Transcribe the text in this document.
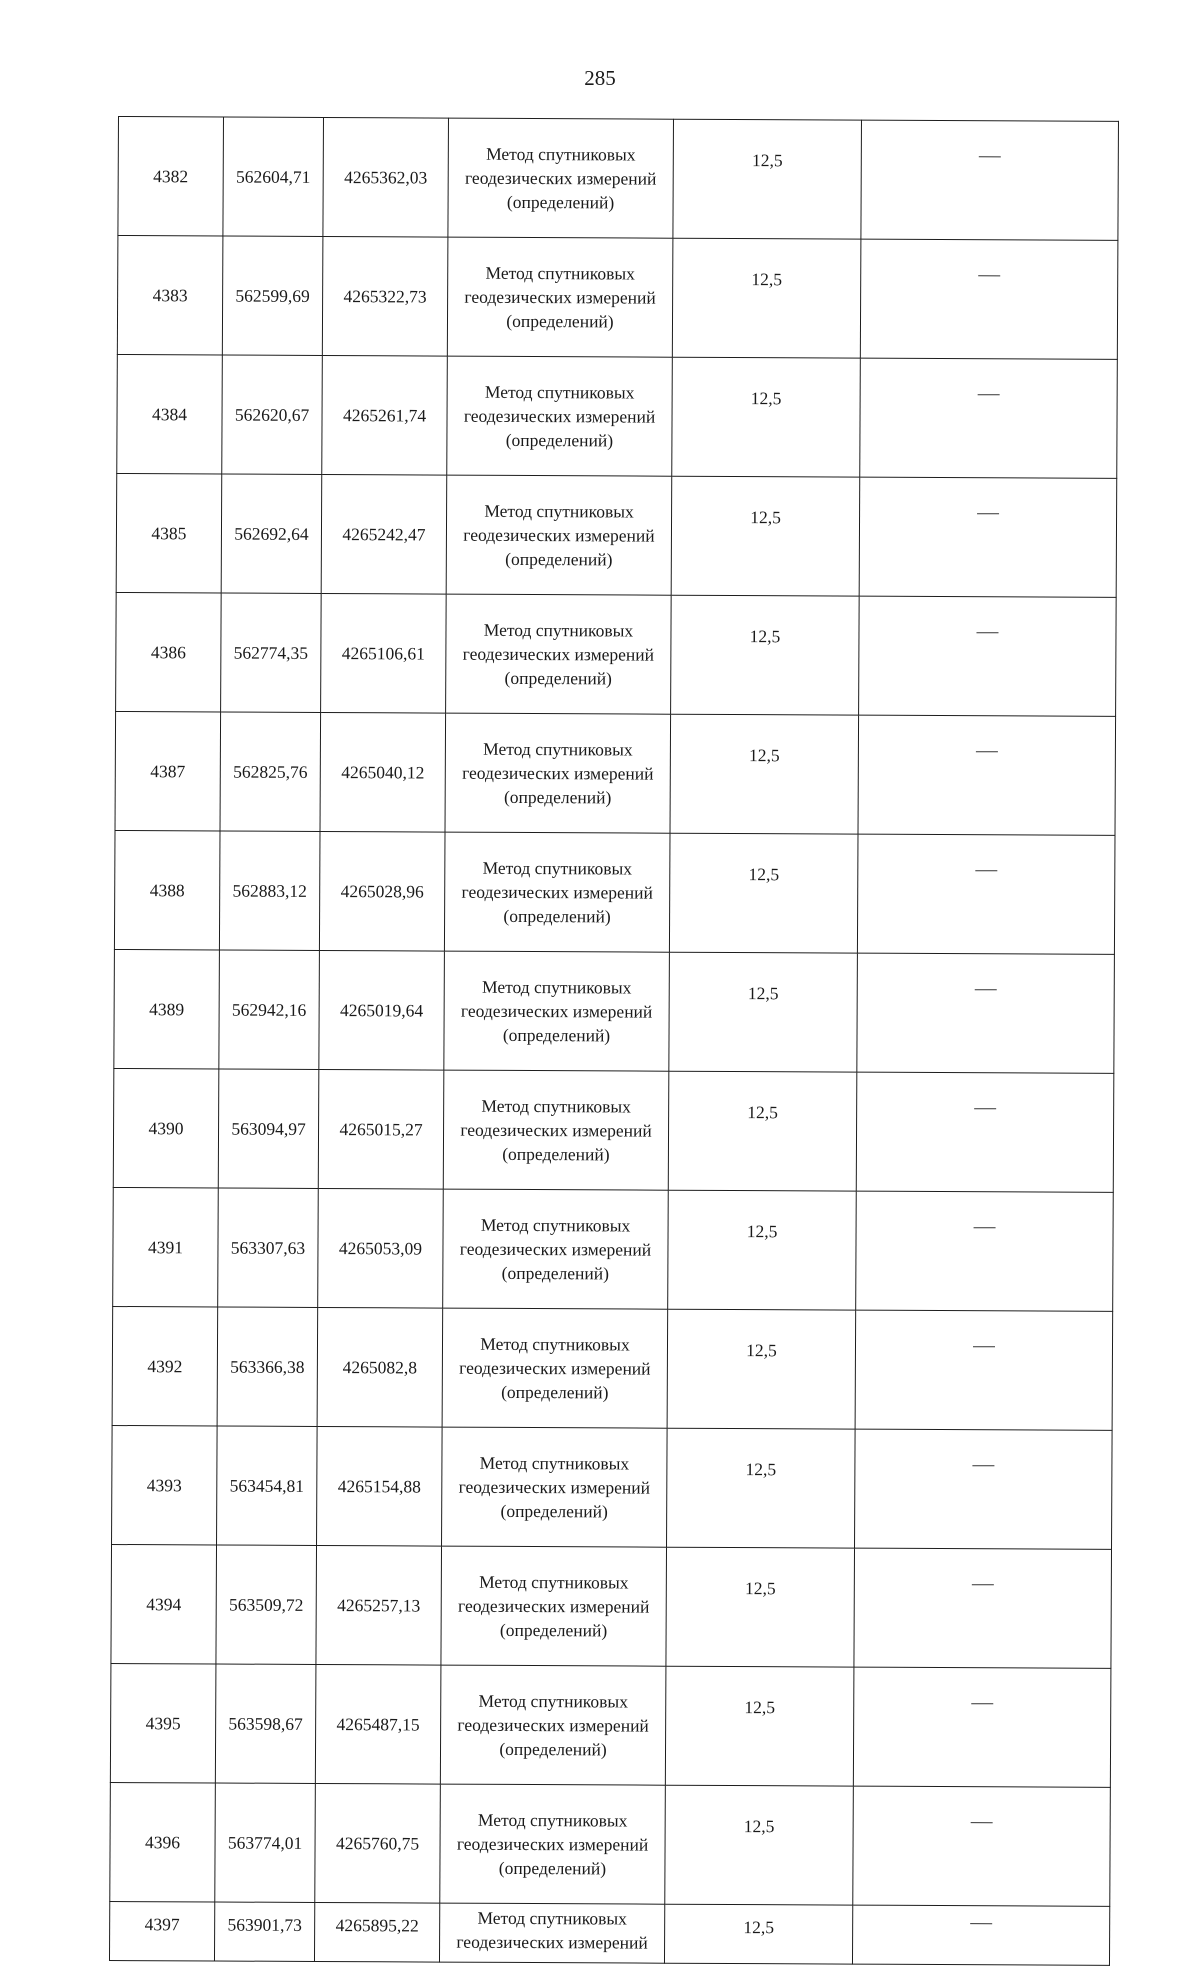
285
4382	562604,71	4265362,03	Метод спутниковых
геодезических измерений
(определений)	12,5	
4383	562599,69	4265322,73	Метод спутниковых
геодезических измерений
(определений)	12,5	
4384	562620,67	4265261,74	Метод спутниковых
геодезических измерений
(определений)	12,5	
4385	562692,64	4265242,47	Метод спутниковых
геодезических измерений
(определений)	12,5	
4386	562774,35	4265106,61	Метод спутниковых
геодезических измерений
(определений)	12,5	
4387	562825,76	4265040,12	Метод спутниковых
геодезических измерений
(определений)	12,5	
4388	562883,12	4265028,96	Метод спутниковых
геодезических измерений
(определений)	12,5	
4389	562942,16	4265019,64	Метод спутниковых
геодезических измерений
(определений)	12,5	
4390	563094,97	4265015,27	Метод спутниковых
геодезических измерений
(определений)	12,5	
4391	563307,63	4265053,09	Метод спутниковых
геодезических измерений
(определений)	12,5	
4392	563366,38	4265082,8	Метод спутниковых
геодезических измерений
(определений)	12,5	
4393	563454,81	4265154,88	Метод спутниковых
геодезических измерений
(определений)	12,5	
4394	563509,72	4265257,13	Метод спутниковых
геодезических измерений
(определений)	12,5	
4395	563598,67	4265487,15	Метод спутниковых
геодезических измерений
(определений)	12,5	
4396	563774,01	4265760,75	Метод спутниковых
геодезических измерений
(определений)	12,5	
4397	563901,73	4265895,22	Метод спутниковых
геодезических измерений	12,5	
